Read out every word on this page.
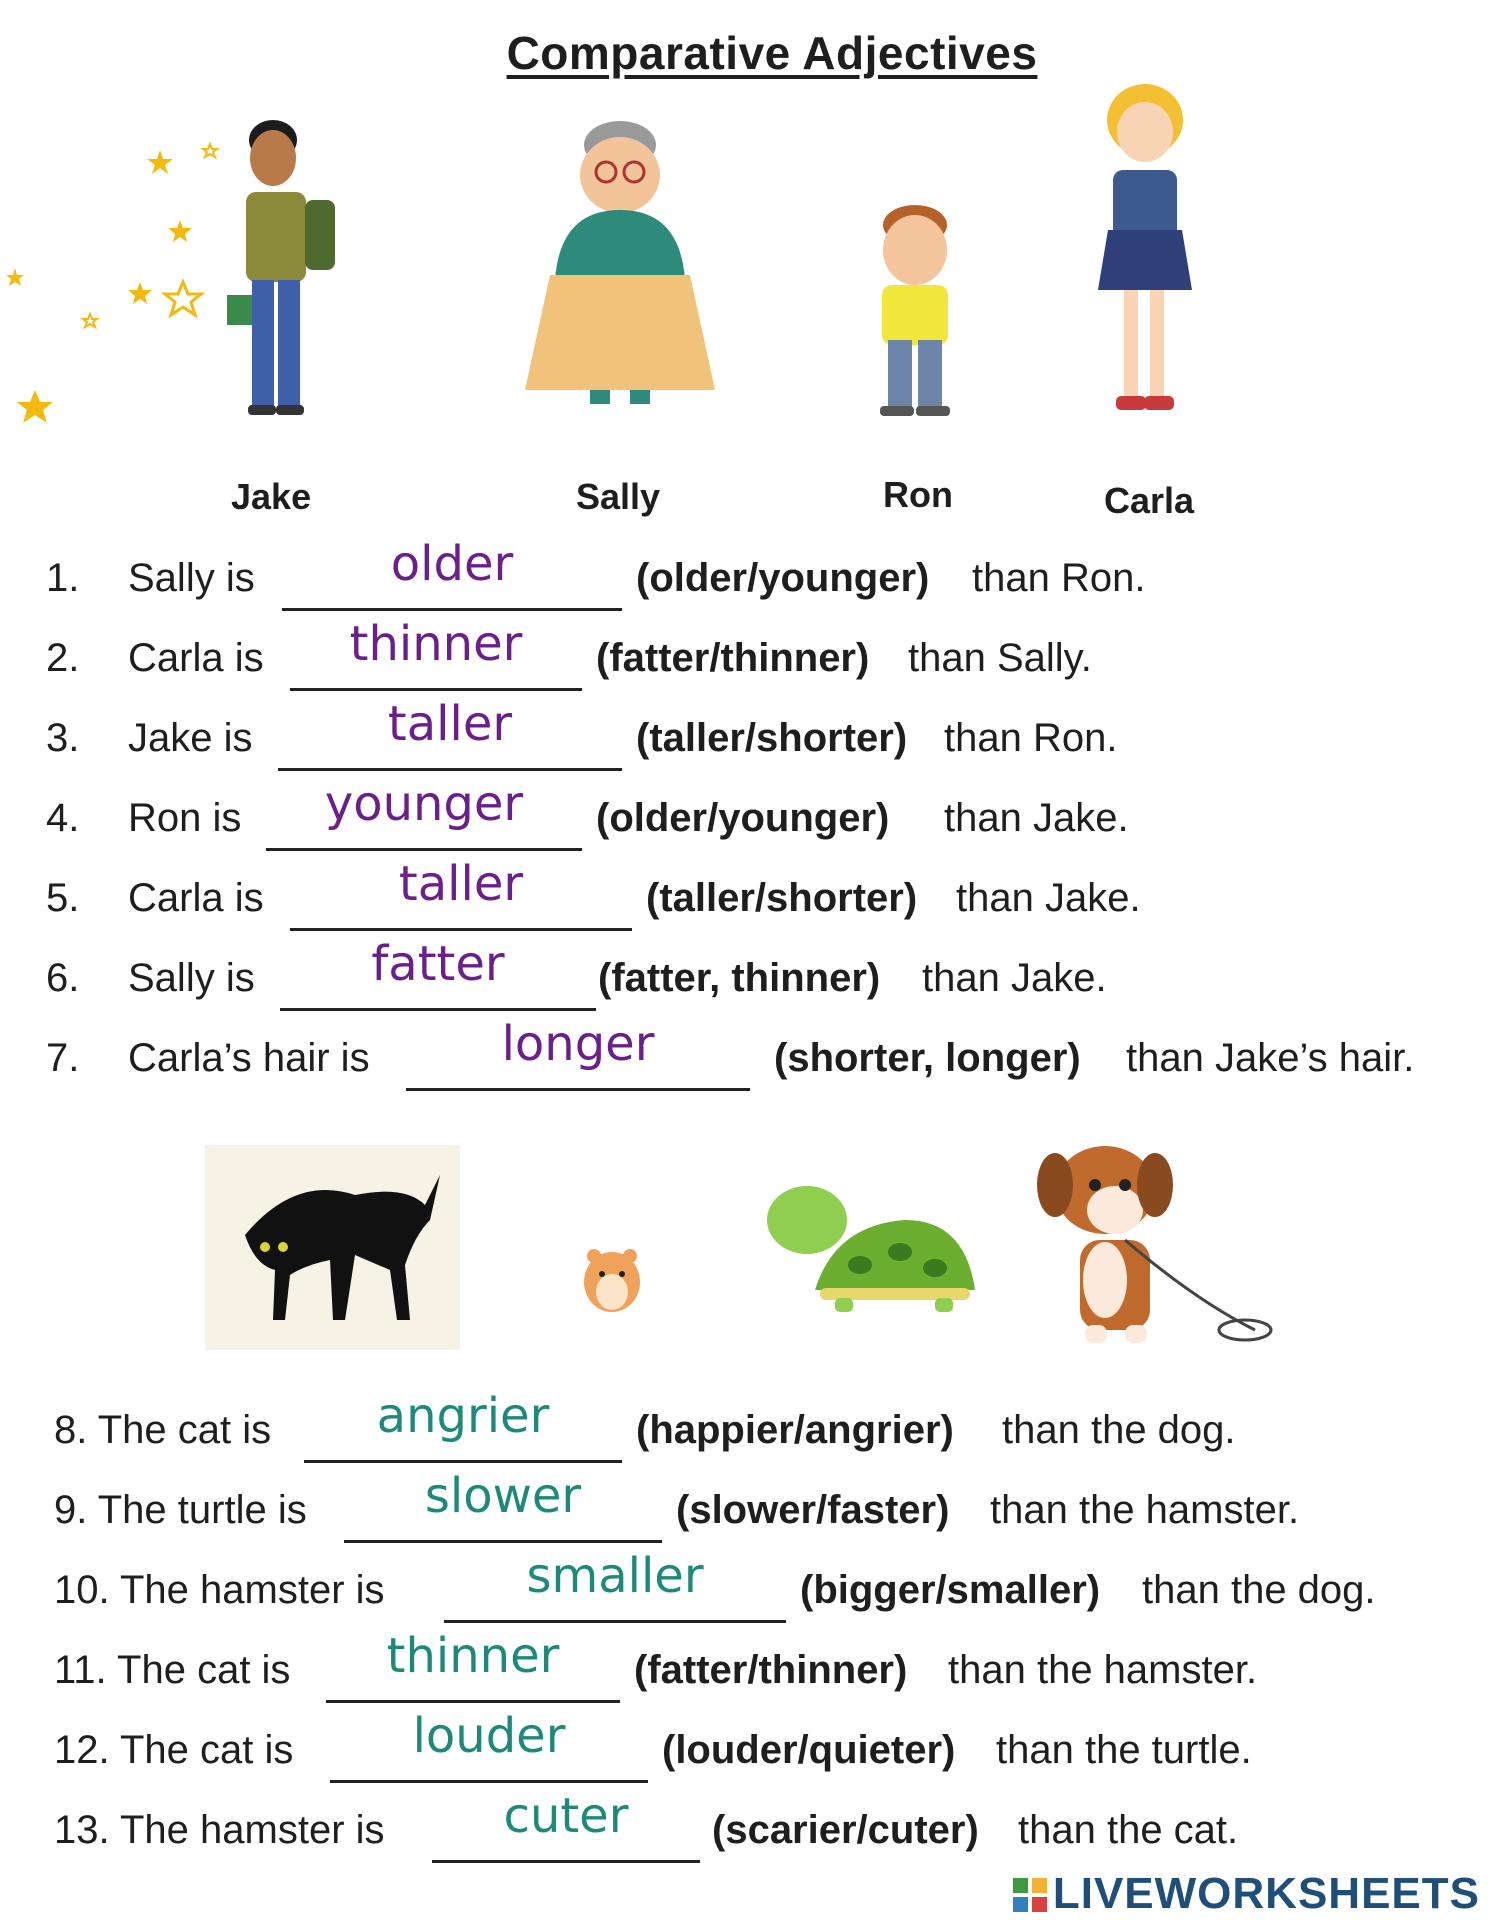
Comparative Adjectives
Jake	Sally	Ron	Carla
1. Sally is	older	(older/younger) than Ron.
2. Carla is	thinner	(fatter/thinner) than Sally.
3. Jake is	taller	(taller/shorter) than Ron.
4. Ron is	younger	(older/younger) than Jake.
5. Carla is	taller	(taller/shorter) than Jake.
6. Sally is	fatter	(fatter, thinner) than Jake.
7. Carla’s hair is	longer	(shorter, longer) than Jake’s hair.
8. The cat is	angrier	(happier/angrier) than the dog.
9. The turtle is	slower	(slower/faster) than the hamster.
10. The hamster is	smaller	(bigger/smaller) than the dog.
11. The cat is	thinner	(fatter/thinner) than the hamster.
12. The cat is	louder	(louder/quieter) than the turtle.
13. The hamster is	cuter	(scarier/cuter) than the cat.
LIVEWORKSHEETS
